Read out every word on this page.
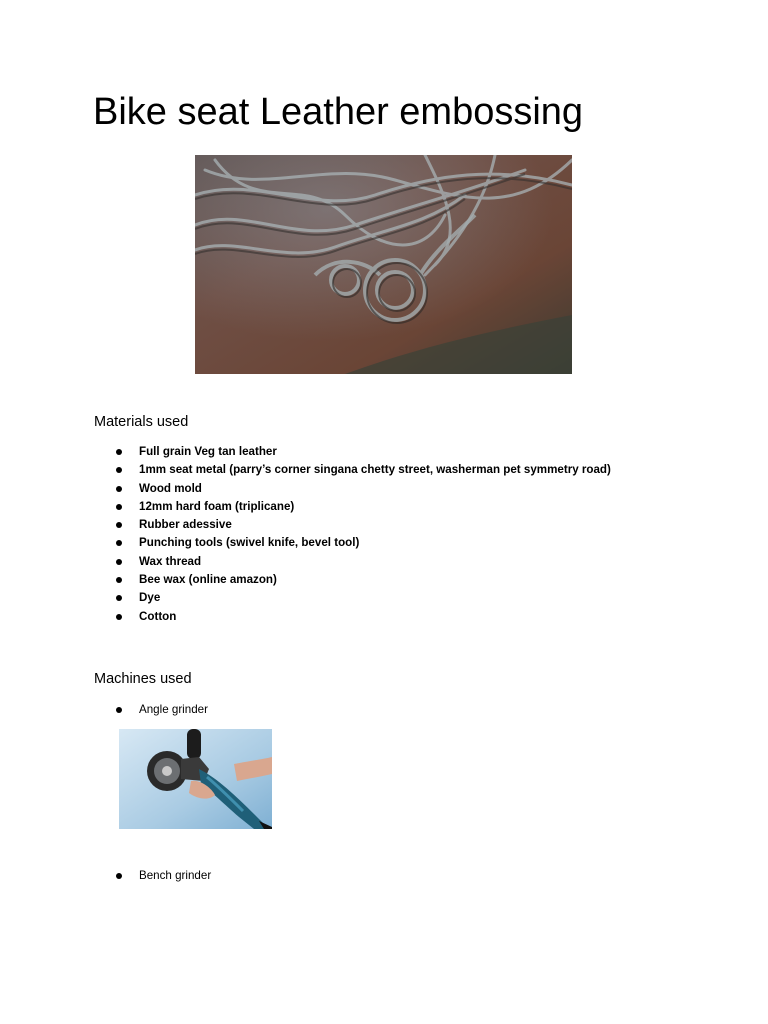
Bike seat Leather embossing
Materials used
Full grain Veg tan leather
1mm seat metal (parry’s corner singana chetty street, washerman pet symmetry road)
Wood mold
12mm hard foam (triplicane)
Rubber adessive
Punching tools (swivel knife, bevel tool)
Wax thread
Bee wax (online amazon)
Dye
Cotton
Machines used
Angle grinder
Bench grinder
